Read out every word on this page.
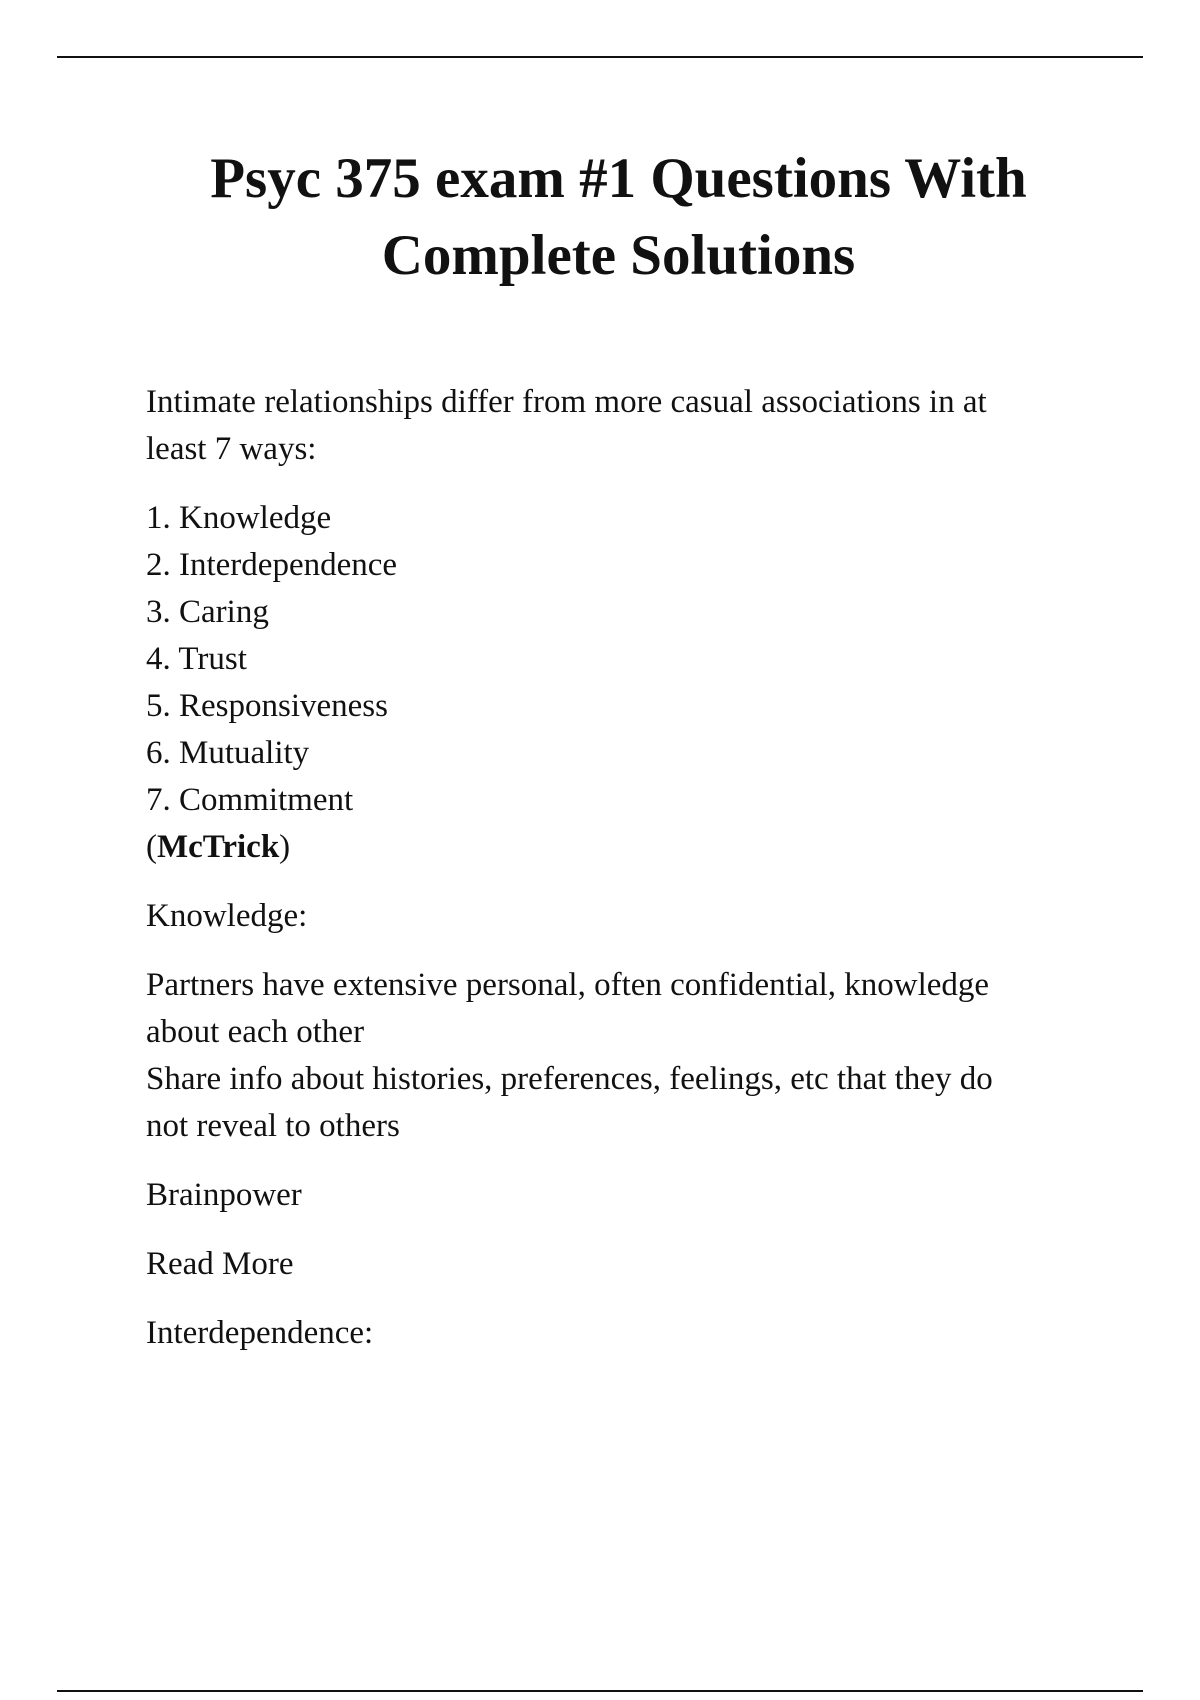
Psyc 375 exam #1 Questions With
Complete Solutions

Intimate relationships differ from more casual associations in at
least 7 ways:

1. Knowledge
2. Interdependence
3. Caring
4. Trust
5. Responsiveness
6. Mutuality
7. Commitment
(McTrick)

Knowledge:

Partners have extensive personal, often confidential, knowledge
about each other
Share info about histories, preferences, feelings, etc that they do
not reveal to others

Brainpower

Read More

Interdependence:
